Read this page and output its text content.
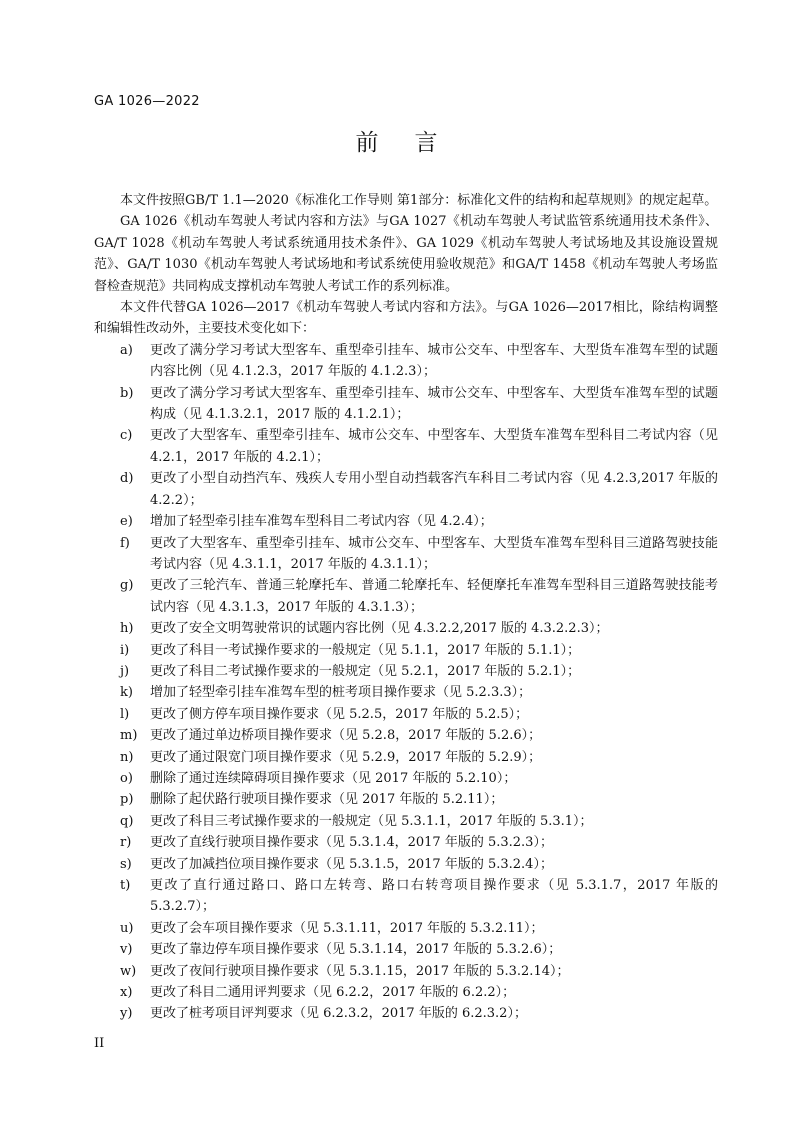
GA 1026—2022
前言

本文件按照GB/T 1.1—2020《标准化工作导则 第1部分：标准化文件的结构和起草规则》的规定起草。

GA 1026《机动车驾驶人考试内容和方法》与GA 1027《机动车驾驶人考试监管系统通用技术条件》、GA/T 1028《机动车驾驶人考试系统通用技术条件》、GA 1029《机动车驾驶人考试场地及其设施设置规范》、GA/T 1030《机动车驾驶人考试场地和考试系统使用验收规范》和GA/T 1458《机动车驾驶人考场监督检查规范》共同构成支撑机动车驾驶人考试工作的系列标准。

本文件代替GA 1026—2017《机动车驾驶人考试内容和方法》。与GA 1026—2017相比，除结构调整和编辑性改动外，主要技术变化如下：

a)	更改了满分学习考试大型客车、重型牵引挂车、城市公交车、中型客车、大型货车准驾车型的试题内容比例（见 4.1.2.3，2017 年版的 4.1.2.3）；
b)	更改了满分学习考试大型客车、重型牵引挂车、城市公交车、中型客车、大型货车准驾车型的试题构成（见 4.1.3.2.1，2017 版的 4.1.2.1）；
c)	更改了大型客车、重型牵引挂车、城市公交车、中型客车、大型货车准驾车型科目二考试内容（见 4.2.1，2017 年版的 4.2.1）；
d)	更改了小型自动挡汽车、残疾人专用小型自动挡载客汽车科目二考试内容（见 4.2.3,2017 年版的 4.2.2）；
e)	增加了轻型牵引挂车准驾车型科目二考试内容（见 4.2.4）；
f)	更改了大型客车、重型牵引挂车、城市公交车、中型客车、大型货车准驾车型科目三道路驾驶技能考试内容（见 4.3.1.1，2017 年版的 4.3.1.1）；
g)	更改了三轮汽车、普通三轮摩托车、普通二轮摩托车、轻便摩托车准驾车型科目三道路驾驶技能考试内容（见 4.3.1.3，2017 年版的 4.3.1.3）；
h)	更改了安全文明驾驶常识的试题内容比例（见 4.3.2.2,2017 版的 4.3.2.2.3）；
i)	更改了科目一考试操作要求的一般规定（见 5.1.1，2017 年版的 5.1.1）；
j)	更改了科目二考试操作要求的一般规定（见 5.2.1，2017 年版的 5.2.1）；
k)	增加了轻型牵引挂车准驾车型的桩考项目操作要求（见 5.2.3.3）；
l)	更改了侧方停车项目操作要求（见 5.2.5，2017 年版的 5.2.5）；
m) 更改了通过单边桥项目操作要求（见 5.2.8，2017 年版的 5.2.6）；
n)	更改了通过限宽门项目操作要求（见 5.2.9，2017 年版的 5.2.9）；
o)	删除了通过连续障碍项目操作要求（见 2017 年版的 5.2.10）；
p)	删除了起伏路行驶项目操作要求（见 2017 年版的 5.2.11）；
q)	更改了科目三考试操作要求的一般规定（见 5.3.1.1，2017 年版的 5.3.1）；
r)	更改了直线行驶项目操作要求（见 5.3.1.4，2017 年版的 5.3.2.3）；
s)	更改了加减挡位项目操作要求（见 5.3.1.5，2017 年版的 5.3.2.4）；
t)	更改了直行通过路口、路口左转弯、路口右转弯项目操作要求（见 5.3.1.7，2017 年版的 5.3.2.7）；
u)	更改了会车项目操作要求（见 5.3.1.11，2017 年版的 5.3.2.11）；
v)	更改了靠边停车项目操作要求（见 5.3.1.14，2017 年版的 5.3.2.6）；
w)	更改了夜间行驶项目操作要求（见 5.3.1.15，2017 年版的 5.3.2.14）；
x)	更改了科目二通用评判要求（见 6.2.2，2017 年版的 6.2.2）；
y)	更改了桩考项目评判要求（见 6.2.3.2，2017 年版的 6.2.3.2）；
II
